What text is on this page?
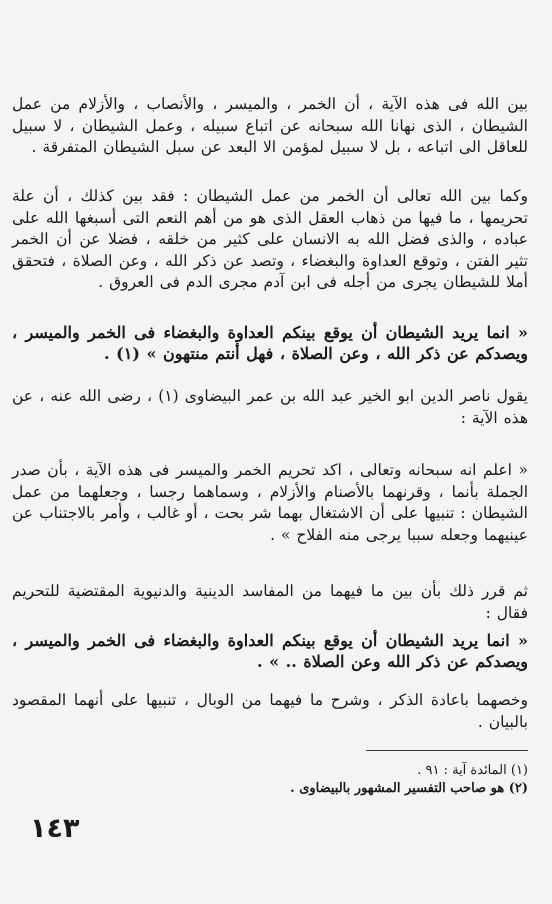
بين الله فى هذه الآية ، أن الخمر ، والميسر ، والأنصاب ، والأزلام من عمل الشيطان ، الذى نهانا الله سبحانه عن اتباع سبيله ، وعمل الشيطان ، لا سبيل للعاقل الى اتباعه ، بل لا سبيل لمؤمن الا البعد عن سبل الشيطان المتفرقة .

وكما بين الله تعالى أن الخمر من عمل الشيطان : فقد بين كذلك ، أن علة تحريمها ، ما فيها من ذهاب العقل الذى هو من أهم النعم التى أسبغها الله على عباده ، والذى فضل الله به الانسان على كثير من خلقه ، فضلا عن أن الخمر تثير الفتن ، وتوقع العداوة والبغضاء ، وتصد عن ذكر الله ، وعن الصلاة ، فتحقق أملا للشيطان يجرى من أجله فى ابن آدم مجرى الدم فى العروق .

« انما يريد الشيطان أن يوقع بينكم العداوة والبغضاء فى الخمر والميسر ، ويصدكم عن ذكر الله ، وعن الصلاة ، فهل أنتم منتهون » (١) .

يقول ناصر الدين ابو الخير عبد الله بن عمر البيضاوى (١) ، رضى الله عنه ، عن هذه الآية :

« اعلم انه سبحانه وتعالى ، اكد تحريم الخمر والميسر فى هذه الآية ، بأن صدر الجملة بأنما ، وقرنهما بالأصنام والأزلام ، وسماهما رجسا ، وجعلهما من عمل الشيطان : تنبيها على أن الاشتغال بهما شر بحت ، أو غالب ، وأمر بالاجتناب عن عينيهما وجعله سببا يرجى منه الفلاح » .

ثم قرر ذلك بأن بين ما فيهما من المفاسد الدينية والدنيوية المقتضية للتحريم فقال :

« انما يريد الشيطان أن يوقع بينكم العداوة والبغضاء فى الخمر والميسر ، ويصدكم عن ذكر الله وعن الصلاة .. » .

وخصهما باعادة الذكر ، وشرح ما فيهما من الوبال ، تنبيها على أنهما المقصود بالبيان .

(١) المائدة آية : ٩١ .

(٢) هو صاحب التفسير المشهور بالبيضاوى .

١٤٣
